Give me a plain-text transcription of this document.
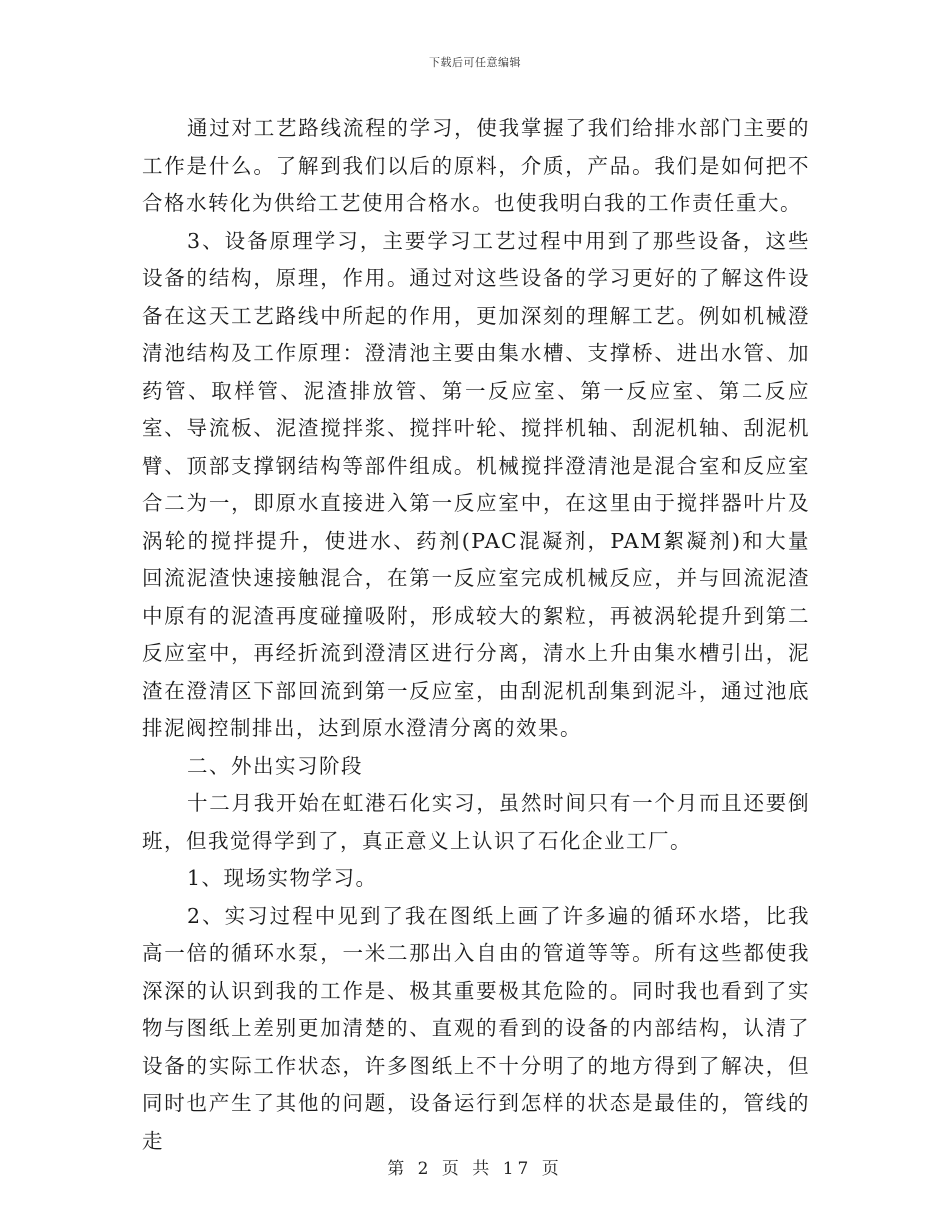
下载后可任意编辑

通过对工艺路线流程的学习，使我掌握了我们给排水部门主要的工作是什么。了解到我们以后的原料，介质，产品。我们是如何把不合格水转化为供给工艺使用合格水。也使我明白我的工作责任重大。

3、设备原理学习，主要学习工艺过程中用到了那些设备，这些设备的结构，原理，作用。通过对这些设备的学习更好的了解这件设备在这天工艺路线中所起的作用，更加深刻的理解工艺。例如机械澄清池结构及工作原理：澄清池主要由集水槽、支撑桥、进出水管、加药管、取样管、泥渣排放管、第一反应室、第一反应室、第二反应室、导流板、泥渣搅拌浆、搅拌叶轮、搅拌机轴、刮泥机轴、刮泥机臂、顶部支撑钢结构等部件组成。机械搅拌澄清池是混合室和反应室合二为一，即原水直接进入第一反应室中，在这里由于搅拌器叶片及涡轮的搅拌提升，使进水、药剂(PAC混凝剂，PAM絮凝剂)和大量回流泥渣快速接触混合，在第一反应室完成机械反应，并与回流泥渣中原有的泥渣再度碰撞吸附，形成较大的絮粒，再被涡轮提升到第二反应室中，再经折流到澄清区进行分离，清水上升由集水槽引出，泥渣在澄清区下部回流到第一反应室，由刮泥机刮集到泥斗，通过池底排泥阀控制排出，达到原水澄清分离的效果。

二、外出实习阶段

十二月我开始在虹港石化实习，虽然时间只有一个月而且还要倒班，但我觉得学到了，真正意义上认识了石化企业工厂。

1、现场实物学习。

2、实习过程中见到了我在图纸上画了许多遍的循环水塔，比我高一倍的循环水泵，一米二那出入自由的管道等等。所有这些都使我深深的认识到我的工作是、极其重要极其危险的。同时我也看到了实物与图纸上差别更加清楚的、直观的看到的设备的内部结构，认清了设备的实际工作状态，许多图纸上不十分明了的地方得到了解决，但同时也产生了其他的问题，设备运行到怎样的状态是最佳的，管线的走

第 2 页 共 17 页
